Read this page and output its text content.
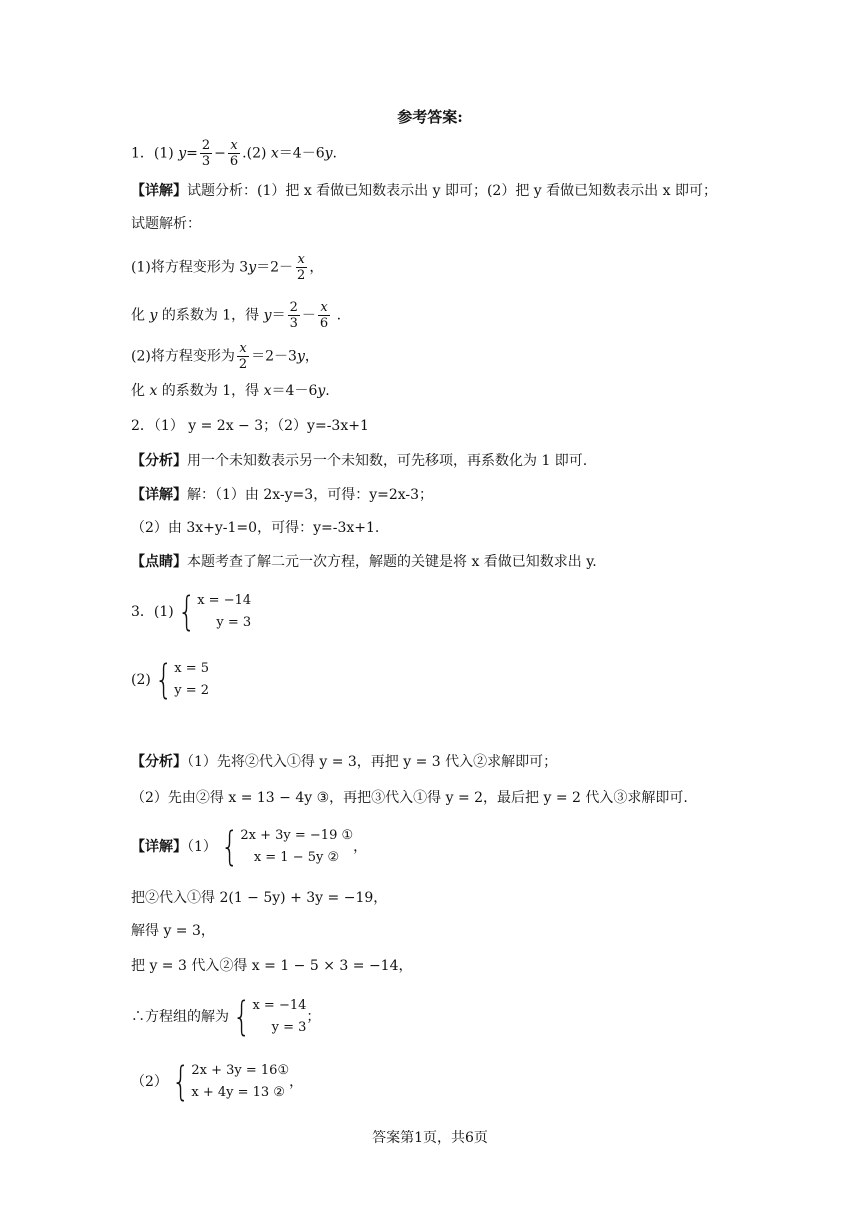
参考答案:
1．(1) $y= \frac{2}{3} - \frac{x}{6} .(2)$ x＝4－6y.
【详解】试题分析：(1）把 x 看做已知数表示出 y 即可；(2）把 y 看做已知数表示出 x 即可；
试题解析：
(1)将方程变形为 $3y=2- \frac{x}{2}$ ，
化 y 的系数为 1，得 $y= \frac{2}{3} - \frac{x}{6}$ .
(2)将方程变形为 $\frac{x}{2} =2-3y$，
化 x 的系数为 1，得 x＝4－6y.
2．（1） y = 2x − 3；（2）y=-3x+1
【分析】用一个未知数表示另一个未知数，可先移项，再系数化为 1 即可.
【详解】解：（1）由 2x-y=3，可得：y=2x-3；
（2）由 3x+y-1=0，可得：y=-3x+1.
【点睛】本题考查了解二元一次方程，解题的关键是将 x 看做已知数求出 y.
3．(1) { x = −14
y = 3
(2) { x = 5
y = 2
【分析】（1）先将②代入①得 y = 3，再把 y = 3 代入②求解即可；
（2）先由②得 x = 13 − 4y ③，再把③代入①得 y = 2，最后把 y = 2 代入③求解即可.
【详解】（1） { 2x + 3y = −19 ①
x = 1 − 5y ②
，
把②代入①得 2(1 − 5y) + 3y = −19，
解得 y = 3，
把 y = 3 代入②得 x = 1 − 5 × 3 = −14，
∴方程组的解为 { x = −14
y = 3
；
（2） { 2x + 3y = 16①
x + 4y = 13 ②
，
答案第1页，共6页
